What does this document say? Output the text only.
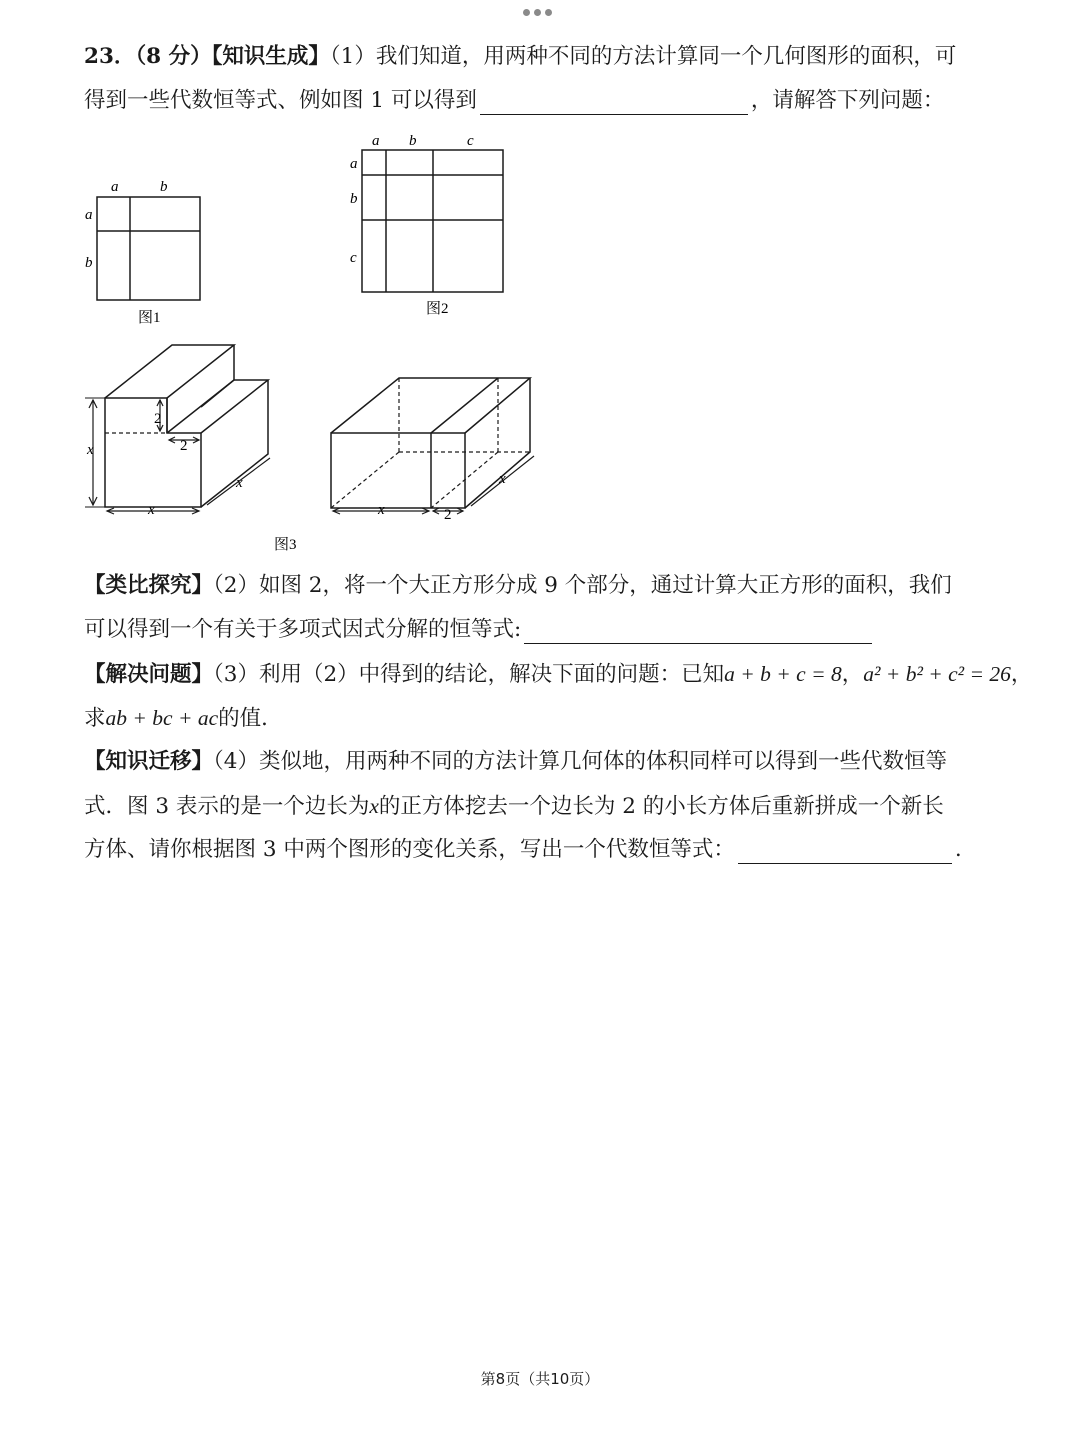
23．（8 分）【知识生成】（1）我们知道，用两种不同的方法计算同一个几何图形的面积，可
得到一些代数恒等式、例如图 1 可以得到	，请解答下列问题：
a	b
a
b
图1
a b	c
a
b
c
图2
x
2
2
x
x
x	2
x
图3
【类比探究】（2）如图 2，将一个大正方形分成 9 个部分，通过计算大正方形的面积，我们
可以得到一个有关于多项式因式分解的恒等式:
【解决问题】（3）利用（2）中得到的结论，解决下面的问题：已知a + b + c = 8，a² + b² + c² = 26，
求ab + bc + ac的值．
【知识迁移】（4）类似地，用两种不同的方法计算几何体的体积同样可以得到一些代数恒等
式．图 3 表示的是一个边长为x的正方体挖去一个边长为 2 的小长方体后重新拼成一个新长
方体、请你根据图 3 中两个图形的变化关系，写出一个代数恒等式：	.
第8页（共10页）
